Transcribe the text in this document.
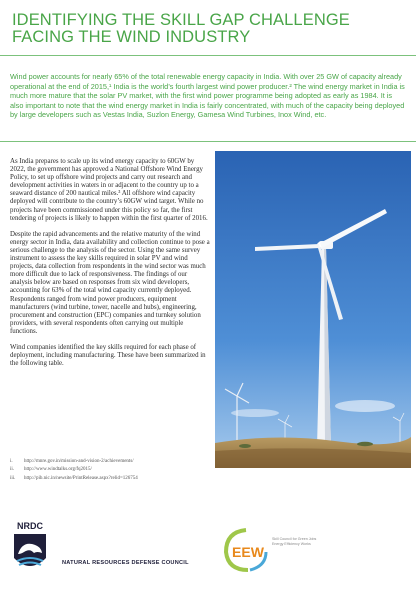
IDENTIFYING THE SKILL GAP CHALLENGE FACING THE WIND INDUSTRY
Wind power accounts for nearly 65% of the total renewable energy capacity in India. With over 25 GW of capacity already operational at the end of 2015,¹ India is the world’s fourth largest wind power producer.² The wind energy market in India is much more mature that the solar PV market, with the first wind power programme being adopted as early as 1984. It is also important to note that the wind energy market in India is fairly concentrated, with much of the capacity being deployed by large developers such as Vestas India, Suzlon Energy, Gamesa Wind Turbines, Inox Wind, etc.

As India prepares to scale up its wind energy capacity to 60GW by 2022, the government has approved a National Offshore Wind Energy Policy, to set up offshore wind projects and carry out research and development activities in waters in or adjacent to the country up to a seaward distance of 200 nautical miles.³ All offshore wind capacity deployed will contribute to the country’s 60GW wind target. While no projects have been commissioned under this policy so far, the first tendering of projects is likely to happen within the first quarter of 2016.

Despite the rapid advancements and the relative maturity of the wind energy sector in India, data availability and collection continue to pose a serious challenge to the analysis of the sector. Using the same survey instrument to assess the key skills required in solar PV and wind projects, data collection from respondents in the wind sector was much more difficult due to lack of responsiveness. The findings of our analysis below are based on responses from six wind developers, accounting for 63% of the total wind capacity currently deployed. Respondents ranged from wind power producers, equipment manufacturers (wind turbine, tower, nacelle and hubs), engineering, procurement and construction (EPC) companies and turnkey solution providers, with several respondents often carrying out multiple functions.

Wind companies identified the key skills required for each phase of deployment, including manufacturing. These have been summarized in the following table.

i.	http://mnre.gov.in/mission-and-vision-2/achievements/
ii.	http://www.windtalks.org/fq2015/
iii.	http://pib.nic.in/newsite/PrintRelease.aspx?relid=126754
NRDC
NATURAL RESOURCES DEFENSE COUNCIL
EEW
Skill Council for Green Jobs Energy Efficiency Works
